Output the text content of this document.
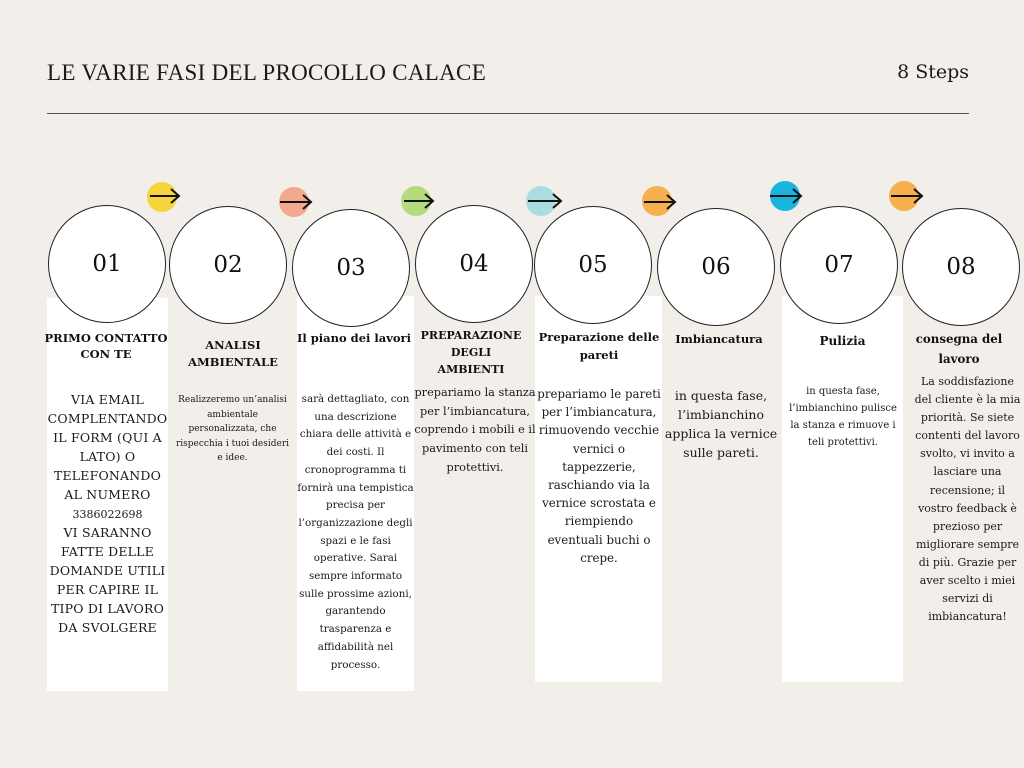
LE VARIE FASI DEL PROCOLLO CALACE	8 Steps
01	02	03	04	05	06	07	08
PRIMO CONTATTO CON TE
VIA EMAIL COMPLENTANDO IL FORM (QUI A LATO) O TELEFONANDO AL NUMERO
3386022698
VI SARANNO FATTE DELLE DOMANDE UTILI PER CAPIRE IL TIPO DI LAVORO DA SVOLGERE
ANALISI AMBIENTALE
Realizzeremo un’analisi ambientale personalizzata, che rispecchia i tuoi desideri e idee.
Il piano dei lavori
sarà dettagliato, con una descrizione chiara delle attività e dei costi. Il cronoprogramma ti fornirà una tempistica precisa per l’organizzazione degli spazi e le fasi operative. Sarai sempre informato sulle prossime azioni, garantendo trasparenza e affidabilità nel processo.
PREPARAZIONE DEGLI AMBIENTI
prepariamo la stanza per l’imbiancatura, coprendo i mobili e il pavimento con teli protettivi.
Preparazione delle pareti
prepariamo le pareti per l’imbiancatura, rimuovendo vecchie vernici o tappezzerie, raschiando via la vernice scrostata e riempiendo eventuali buchi o crepe.
Imbiancatura
in questa fase, l’imbianchino applica la vernice sulle pareti.
Pulizia
in questa fase, l’imbianchino pulisce la stanza e rimuove i teli protettivi.
consegna del lavoro
La soddisfazione del cliente è la mia priorità. Se siete contenti del lavoro svolto, vi invito a lasciare una recensione; il vostro feedback è prezioso per migliorare sempre di più. Grazie per aver scelto i miei servizi di imbiancatura!
